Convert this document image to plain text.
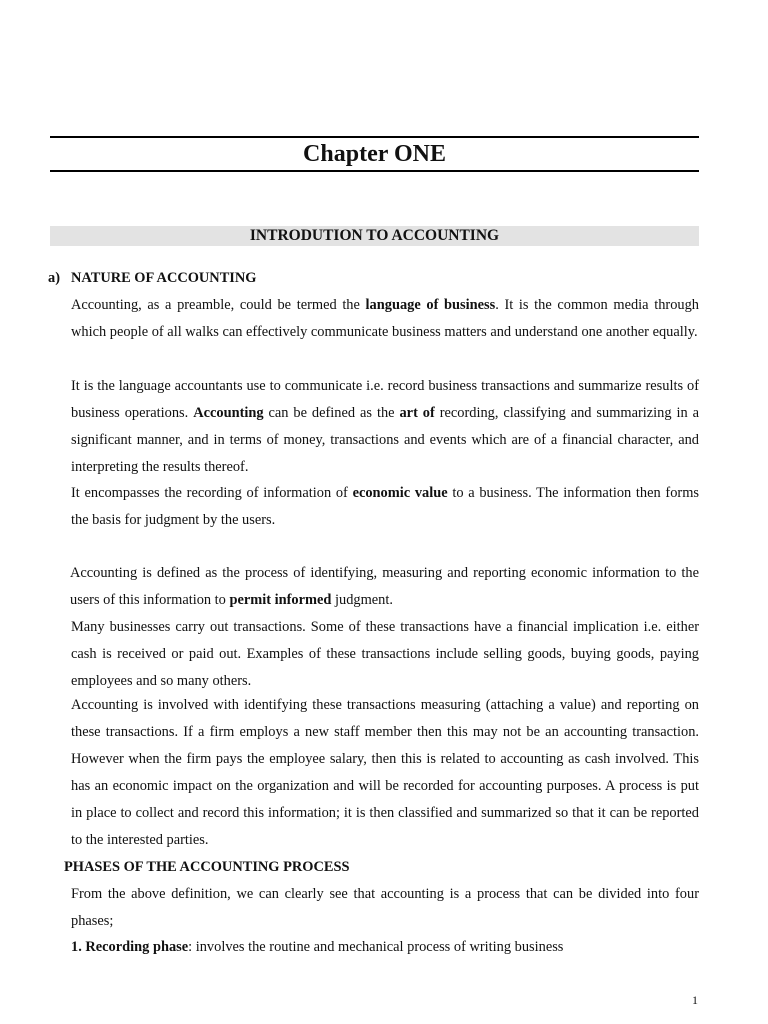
Chapter ONE
INTRODUTION TO ACCOUNTING
a) NATURE OF ACCOUNTING

Accounting, as a preamble, could be termed the language of business. It is the common media through which people of all walks can effectively communicate business matters and understand one another equally.

It is the language accountants use to communicate i.e. record business transactions and summarize results of business operations. Accounting can be defined as the art of recording, classifying and summarizing in a significant manner, and in terms of money, transactions and events which are of a financial character, and interpreting the results thereof.

It encompasses the recording of information of economic value to a business. The information then forms the basis for judgment by the users.

Accounting is defined as the process of identifying, measuring and reporting economic information to the users of this information to permit informed judgment.

Many businesses carry out transactions. Some of these transactions have a financial implication i.e. either cash is received or paid out. Examples of these transactions include selling goods, buying goods, paying employees and so many others.

Accounting is involved with identifying these transactions measuring (attaching a value) and reporting on these transactions. If a firm employs a new staff member then this may not be an accounting transaction. However when the firm pays the employee salary, then this is related to accounting as cash involved. This has an economic impact on the organization and will be recorded for accounting purposes. A process is put in place to collect and record this information; it is then classified and summarized so that it can be reported to the interested parties.

PHASES OF THE ACCOUNTING PROCESS

From the above definition, we can clearly see that accounting is a process that can be divided into four phases;

1. Recording phase: involves the routine and mechanical process of writing business

1
